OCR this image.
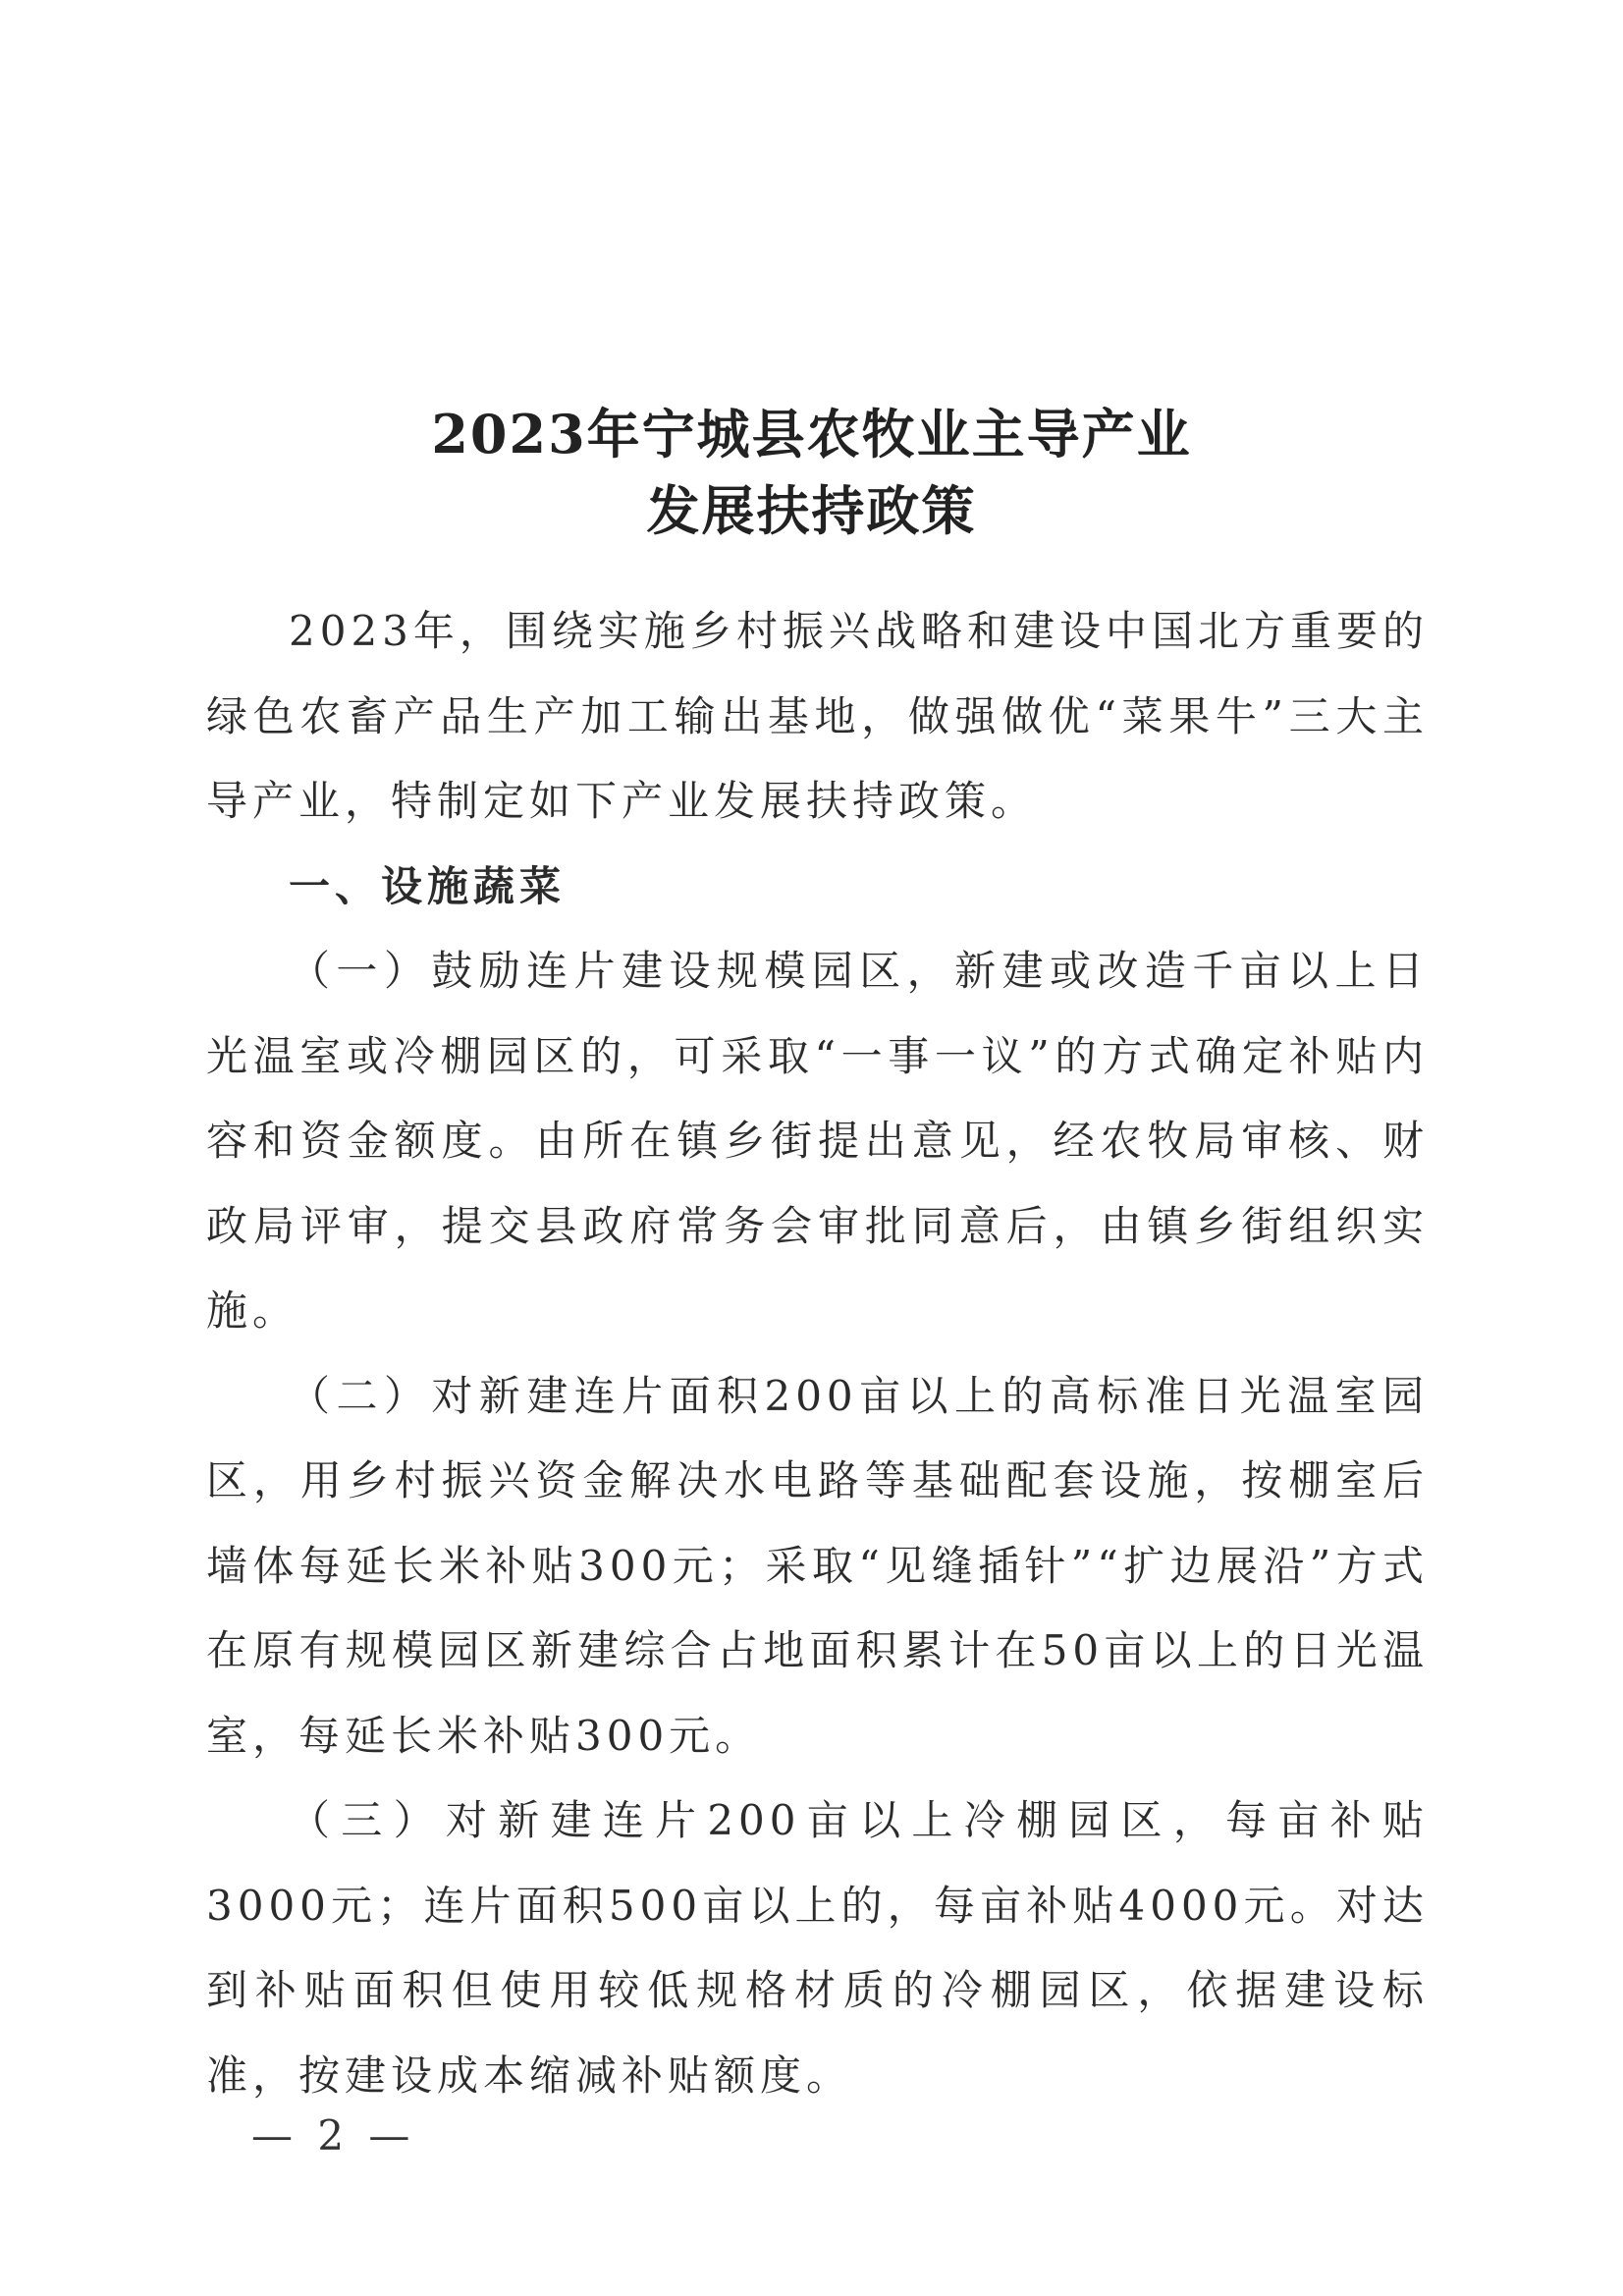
2023年宁城县农牧业主导产业
发展扶持政策

2023年，围绕实施乡村振兴战略和建设中国北方重要的绿色农畜产品生产加工输出基地，做强做优“菜果牛”三大主导产业，特制定如下产业发展扶持政策。

一、设施蔬菜

（一）鼓励连片建设规模园区，新建或改造千亩以上日光温室或冷棚园区的，可采取“一事一议”的方式确定补贴内容和资金额度。由所在镇乡街提出意见，经农牧局审核、财政局评审，提交县政府常务会审批同意后，由镇乡街组织实施。

（二）对新建连片面积200亩以上的高标准日光温室园区，用乡村振兴资金解决水电路等基础配套设施，按棚室后墙体每延长米补贴300元；采取“见缝插针”“扩边展沿”方式在原有规模园区新建综合占地面积累计在50亩以上的日光温室，每延长米补贴300元。

（三）对新建连片200亩以上冷棚园区，每亩补贴3000元；连片面积500亩以上的，每亩补贴4000元。对达到补贴面积但使用较低规格材质的冷棚园区，依据建设标准，按建设成本缩减补贴额度。

— 2 —
